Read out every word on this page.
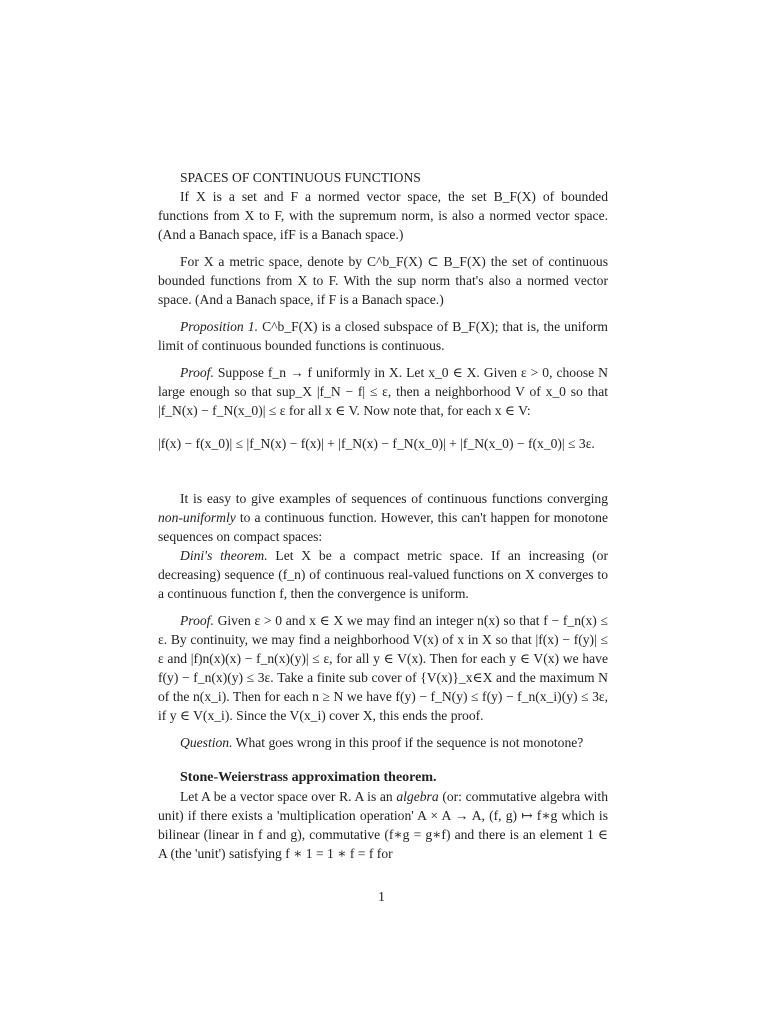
SPACES OF CONTINUOUS FUNCTIONS

If X is a set and F a normed vector space, the set B_F(X) of bounded functions from X to F, with the supremum norm, is also a normed vector space. (And a Banach space, ifF is a Banach space.)

For X a metric space, denote by C^b_F(X) ⊂ B_F(X) the set of continuous bounded functions from X to F. With the sup norm that's also a normed vector space. (And a Banach space, if F is a Banach space.)

Proposition 1. C^b_F(X) is a closed subspace of B_F(X); that is, the uniform limit of continuous bounded functions is continuous.

Proof. Suppose f_n → f uniformly in X. Let x_0 ∈ X. Given ε > 0, choose N large enough so that sup_X |f_N − f| ≤ ε, then a neighborhood V of x_0 so that |f_N(x) − f_N(x_0)| ≤ ε for all x ∈ V. Now note that, for each x ∈ V:

|f(x) − f(x_0)| ≤ |f_N(x) − f(x)| + |f_N(x) − f_N(x_0)| + |f_N(x_0) − f(x_0)| ≤ 3ε.

It is easy to give examples of sequences of continuous functions converging non-uniformly to a continuous function. However, this can't happen for monotone sequences on compact spaces:

Dini's theorem. Let X be a compact metric space. If an increasing (or decreasing) sequence (f_n) of continuous real-valued functions on X converges to a continuous function f, then the convergence is uniform.

Proof. Given ε > 0 and x ∈ X we may find an integer n(x) so that f − f_n(x) ≤ ε. By continuity, we may find a neighborhood V(x) of x in X so that |f(x) − f(y)| ≤ ε and |f)n(x)(x) − f_n(x)(y)| ≤ ε, for all y ∈ V(x). Then for each y ∈ V(x) we have f(y) − f_n(x)(y) ≤ 3ε. Take a finite sub cover of {V(x)}_x∈X and the maximum N of the n(x_i). Then for each n ≥ N we have f(y) − f_N(y) ≤ f(y) − f_n(x_i)(y) ≤ 3ε, if y ∈ V(x_i). Since the V(x_i) cover X, this ends the proof.

Question. What goes wrong in this proof if the sequence is not monotone?

Stone-Weierstrass approximation theorem.

Let A be a vector space over R. A is an algebra (or: commutative algebra with unit) if there exists a 'multiplication operation' A × A → A, (f, g) ↦ f∗g which is bilinear (linear in f and g), commutative (f∗g = g∗f) and there is an element 1 ∈ A (the 'unit') satisfying f ∗ 1 = 1 ∗ f = f for

1
